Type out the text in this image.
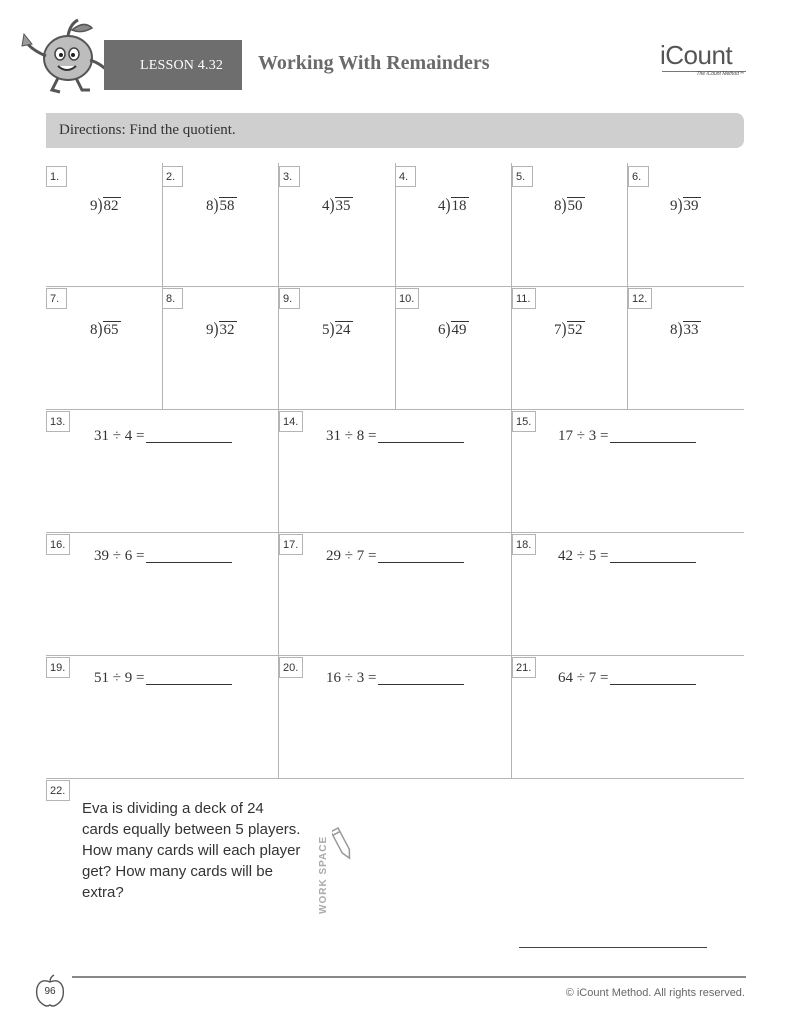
LESSON 4.32 Working With Remainders	iCount
The iCount Method™
Directions: Find the quotient.
1.
9)82
2.
8)58
3.
4)35
4.
4)18
5.
8)50
6.
9)39
7.
8)65
8.
9)32
9.
5)24
10.
6)49
11.
7)52
12.
8)33
13.
31 ÷ 4 =
14.
31 ÷ 8 =
15.
17 ÷ 3 =
16.
39 ÷ 6 =
17.
29 ÷ 7 =
18.
42 ÷ 5 =
19.
51 ÷ 9 =
20.
16 ÷ 3 =
21.
64 ÷ 7 =
22.
Eva is dividing a deck of 24 cards equally between 5 players. How many cards will each player get? How many cards will be extra?	WORK SPACE
96	© iCount Method. All rights reserved.
